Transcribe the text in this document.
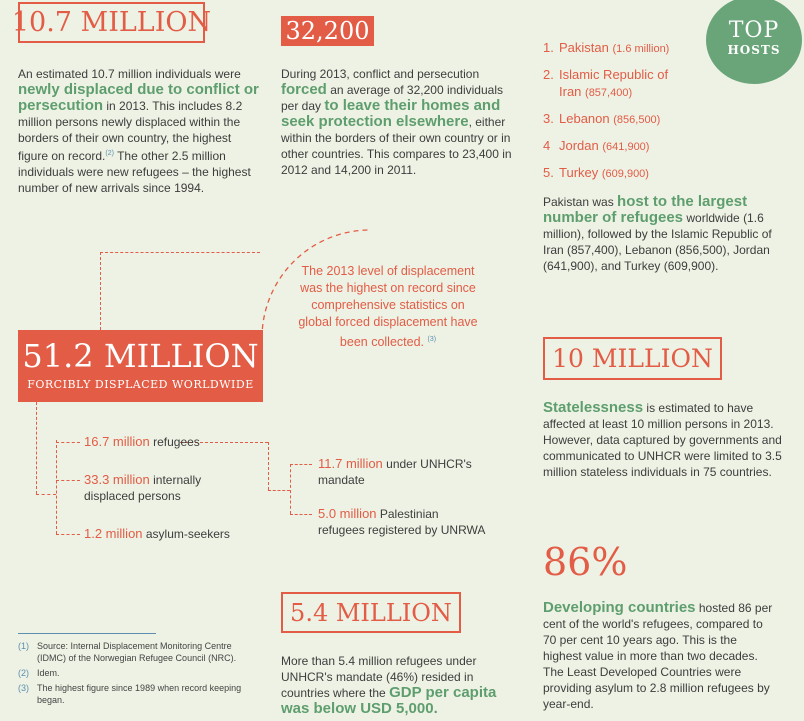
10.7 MILLION
An estimated 10.7 million individuals were newly displaced due to conflict or persecution in 2013. This includes 8.2 million persons newly displaced within the borders of their own country, the highest figure on record.$^{(2)}$ The other 2.5 million individuals were new refugees – the highest number of new arrivals since 1994.
32,200
During 2013, conflict and persecution forced an average of 32,200 individuals per day to leave their homes and seek protection elsewhere, either within the borders of their own country or in other countries. This compares to 23,400 in 2012 and 14,200 in 2011.
TOP
HOSTS
1. Pakistan (1.6 million)
2. Islamic Republic of Iran (857,400)
3. Lebanon (856,500)
4 Jordan (641,900)
5. Turkey (609,900)
Pakistan was host to the largest number of refugees worldwide (1.6 million), followed by the Islamic Republic of Iran (857,400), Lebanon (856,500), Jordan (641,900), and Turkey (609,900).
The 2013 level of displacement was the highest on record since comprehensive statistics on global forced displacement have been collected. $^{(3)}$
51.2 MILLION
FORCIBLY DISPLACED WORLDWIDE
16.7 million refugees
33.3 million internally displaced persons
1.2 million asylum-seekers
11.7 million under UNHCR's mandate
5.0 million Palestinian refugees registered by UNRWA
10 MILLION
Statelessness is estimated to have affected at least 10 million persons in 2013. However, data captured by governments and communicated to UNHCR were limited to 3.5 million stateless individuals in 75 countries.
5.4 MILLION
More than 5.4 million refugees under UNHCR's mandate (46%) resided in countries where the GDP per capita was below USD 5,000.
86%
Developing countries hosted 86 per cent of the world's refugees, compared to 70 per cent 10 years ago. This is the highest value in more than two decades. The Least Developed Countries were providing asylum to 2.8 million refugees by year-end.
(1) Source: Internal Displacement Monitoring Centre (IDMC) of the Norwegian Refugee Council (NRC).
(2) Idem.
(3) The highest figure since 1989 when record keeping began.
